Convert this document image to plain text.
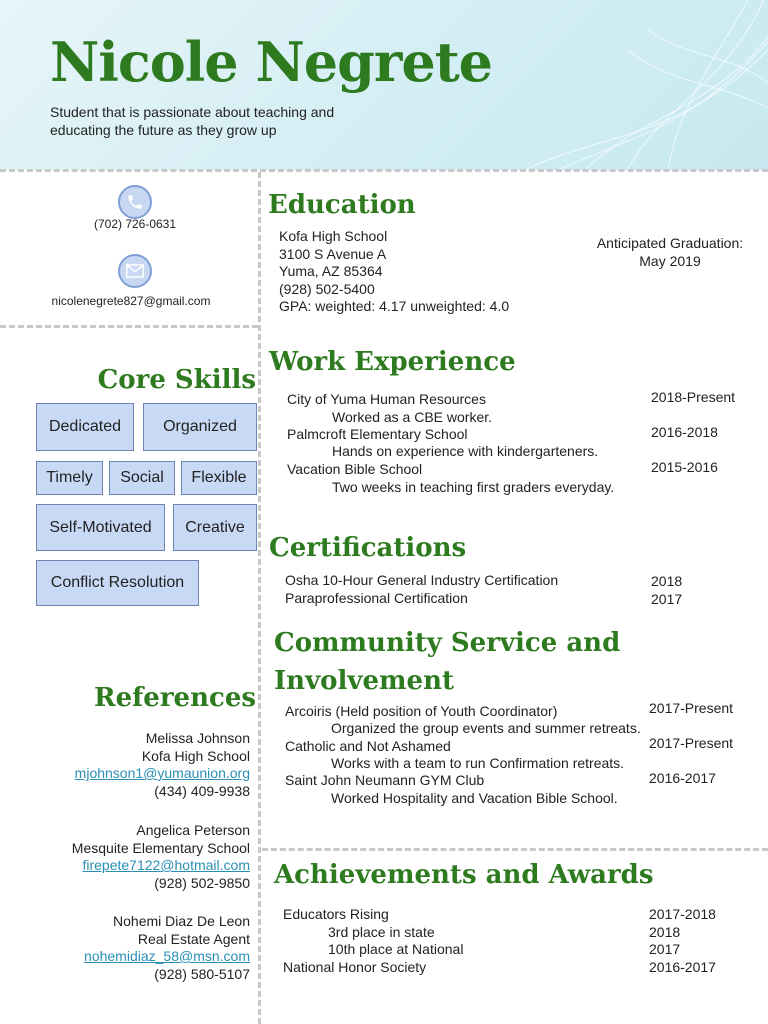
Nicole Negrete
Student that is passionate about teaching and educating the future as they grow up
(702) 726-0631
nicolenegrete827@gmail.com
Core Skills
Dedicated	Organized
Timely	Social	Flexible
Self-Motivated	Creative
Conflict Resolution
References
Melissa Johnson
Kofa High School
mjohnson1@yumaunion.org
(434) 409-9938
Angelica Peterson
Mesquite Elementary School
firepete7122@hotmail.com
(928) 502-9850
Nohemi Diaz De Leon
Real Estate Agent
nohemidiaz_58@msn.com
(928) 580-5107
Education
Kofa High School
3100 S Avenue A
Yuma, AZ 85364
(928) 502-5400
GPA: weighted: 4.17 unweighted: 4.0
Anticipated Graduation:
May 2019
Work Experience
City of Yuma Human Resources	2018-Present
Worked as a CBE worker.
Palmcroft Elementary School	2016-2018
Hands on experience with kindergarteners.
Vacation Bible School	2015-2016
Two weeks in teaching first graders everyday.
Certifications
Osha 10-Hour General Industry Certification	2018
Paraprofessional Certification	2017
Community Service and
Involvement
Arcoiris (Held position of Youth Coordinator)	2017-Present
Organized the group events and summer retreats.
Catholic and Not Ashamed	2017-Present
Works with a team to run Confirmation retreats.
Saint John Neumann GYM Club	2016-2017
Worked Hospitality and Vacation Bible School.
Achievements and Awards
Educators Rising	2017-2018
3rd place in state	2018
10th place at National	2017
National Honor Society	2016-2017
